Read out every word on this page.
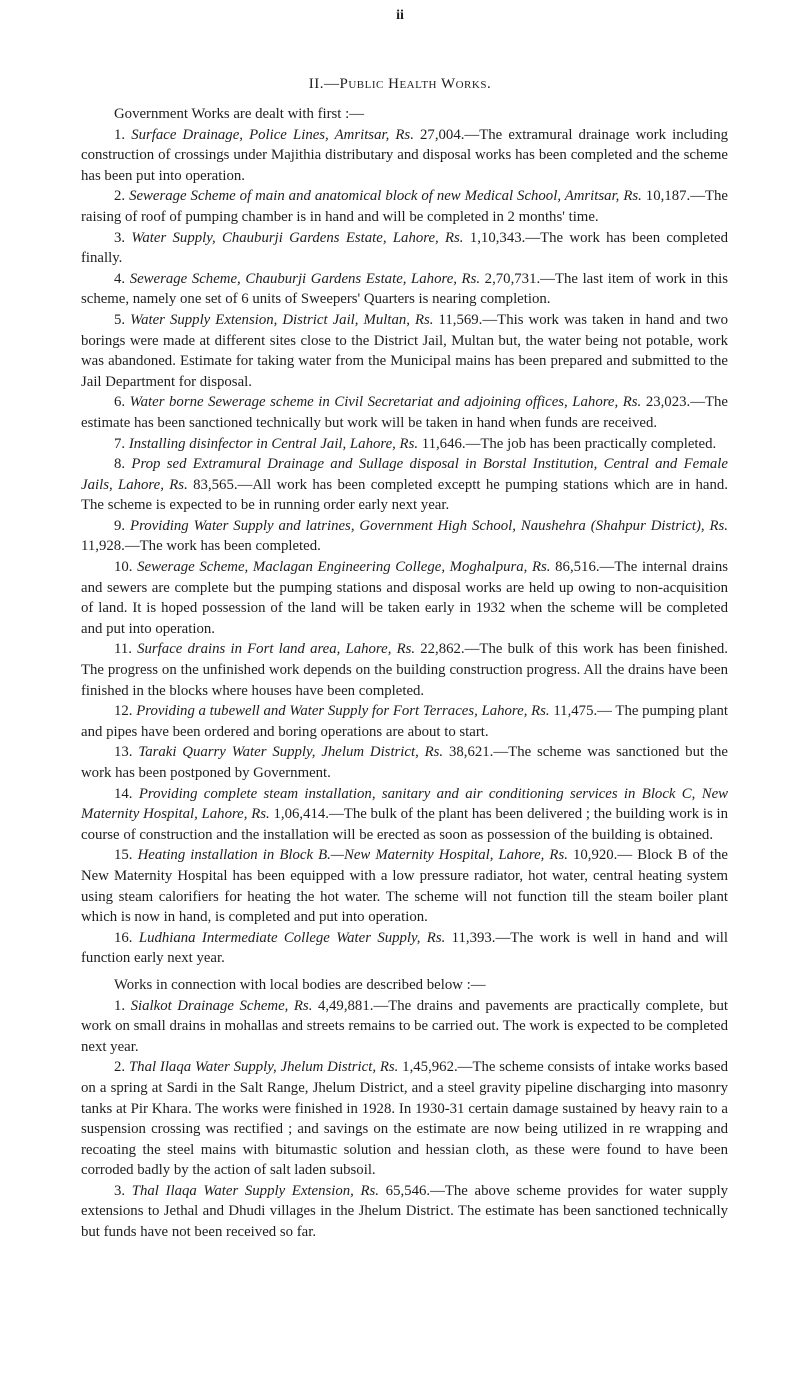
ii
II.—Public Health Works.

Government Works are dealt with first :—

1. Surface Drainage, Police Lines, Amritsar, Rs. 27,004.—The extramural drainage work including construction of crossings under Majithia distributary and disposal works has been completed and the scheme has been put into operation.

2. Sewerage Scheme of main and anatomical block of new Medical School, Amritsar, Rs. 10,187.—The raising of roof of pumping chamber is in hand and will be completed in 2 months' time.

3. Water Supply, Chauburji Gardens Estate, Lahore, Rs. 1,10,343.—The work has been completed finally.

4. Sewerage Scheme, Chauburji Gardens Estate, Lahore, Rs. 2,70,731.—The last item of work in this scheme, namely one set of 6 units of Sweepers' Quarters is nearing completion.

5. Water Supply Extension, District Jail, Multan, Rs. 11,569.—This work was taken in hand and two borings were made at different sites close to the District Jail, Multan but, the water being not potable, work was abandoned. Estimate for taking water from the Municipal mains has been prepared and submitted to the Jail Department for disposal.

6. Water borne Sewerage scheme in Civil Secretariat and adjoining offices, Lahore, Rs. 23,023.—The estimate has been sanctioned technically but work will be taken in hand when funds are received.

7. Installing disinfector in Central Jail, Lahore, Rs. 11,646.—The job has been practically completed.

8. Prop sed Extramural Drainage and Sullage disposal in Borstal Institution, Central and Female Jails, Lahore, Rs. 83,565.—All work has been completed exceptt he pumping stations which are in hand. The scheme is expected to be in running order early next year.

9. Providing Water Supply and latrines, Government High School, Naushehra (Shahpur District), Rs. 11,928.—The work has been completed.

10. Sewerage Scheme, Maclagan Engineering College, Moghalpura, Rs. 86,516.—The internal drains and sewers are complete but the pumping stations and disposal works are held up owing to non-acquisition of land. It is hoped possession of the land will be taken early in 1932 when the scheme will be completed and put into operation.

11. Surface drains in Fort land area, Lahore, Rs. 22,862.—The bulk of this work has been finished. The progress on the unfinished work depends on the building construction progress. All the drains have been finished in the blocks where houses have been completed.

12. Providing a tubewell and Water Supply for Fort Terraces, Lahore, Rs. 11,475.— The pumping plant and pipes have been ordered and boring operations are about to start.

13. Taraki Quarry Water Supply, Jhelum District, Rs. 38,621.—The scheme was sanctioned but the work has been postponed by Government.

14. Providing complete steam installation, sanitary and air conditioning services in Block C, New Maternity Hospital, Lahore, Rs. 1,06,414.—The bulk of the plant has been delivered ; the building work is in course of construction and the installation will be erected as soon as possession of the building is obtained.

15. Heating installation in Block B.—New Maternity Hospital, Lahore, Rs. 10,920.— Block B of the New Maternity Hospital has been equipped with a low pressure radiator, hot water, central heating system using steam calorifiers for heating the hot water. The scheme will not function till the steam boiler plant which is now in hand, is completed and put into operation.

16. Ludhiana Intermediate College Water Supply, Rs. 11,393.—The work is well in hand and will function early next year.

Works in connection with local bodies are described below :—

1. Sialkot Drainage Scheme, Rs. 4,49,881.—The drains and pavements are practically complete, but work on small drains in mohallas and streets remains to be carried out. The work is expected to be completed next year.

2. Thal Ilaqa Water Supply, Jhelum District, Rs. 1,45,962.—The scheme consists of intake works based on a spring at Sardi in the Salt Range, Jhelum District, and a steel gravity pipeline discharging into masonry tanks at Pir Khara. The works were finished in 1928. In 1930-31 certain damage sustained by heavy rain to a suspension crossing was rectified ; and savings on the estimate are now being utilized in re wrapping and recoating the steel mains with bitumastic solution and hessian cloth, as these were found to have been corroded badly by the action of salt laden subsoil.

3. Thal Ilaqa Water Supply Extension, Rs. 65,546.—The above scheme provides for water supply extensions to Jethal and Dhudi villages in the Jhelum District. The estimate has been sanctioned technically but funds have not been received so far.
